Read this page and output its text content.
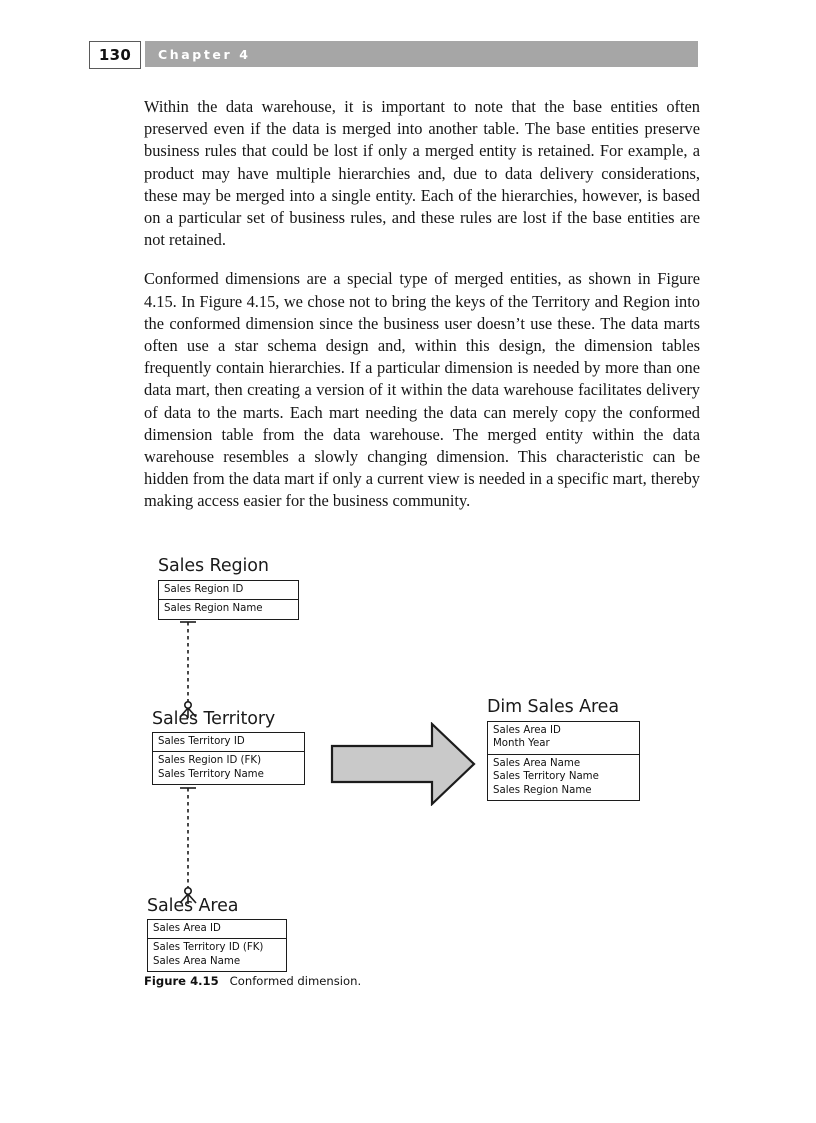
130	Chapter 4

Within the data warehouse, it is important to note that the base entities often preserved even if the data is merged into another table. The base entities preserve business rules that could be lost if only a merged entity is retained. For example, a product may have multiple hierarchies and, due to data delivery considerations, these may be merged into a single entity. Each of the hierarchies, however, is based on a particular set of business rules, and these rules are lost if the base entities are not retained.

Conformed dimensions are a special type of merged entities, as shown in Figure 4.15. In Figure 4.15, we chose not to bring the keys of the Territory and Region into the conformed dimension since the business user doesn’t use these. The data marts often use a star schema design and, within this design, the dimension tables frequently contain hierarchies. If a particular dimension is needed by more than one data mart, then creating a version of it within the data warehouse facilitates delivery of data to the marts. Each mart needing the data can merely copy the conformed dimension table from the data warehouse. The merged entity within the data warehouse resembles a slowly changing dimension. This characteristic can be hidden from the data mart if only a current view is needed in a specific mart, thereby making access easier for the business community.

Sales Region
Sales Region ID
Sales Region Name
Sales Territory
Sales Territory ID
Sales Region ID (FK)
Sales Territory Name
Sales Area
Sales Area ID
Sales Territory ID (FK)
Sales Area Name
Dim Sales Area
Sales Area ID
Month Year
Sales Area Name
Sales Territory Name
Sales Region Name
Figure 4.15 Conformed dimension.
